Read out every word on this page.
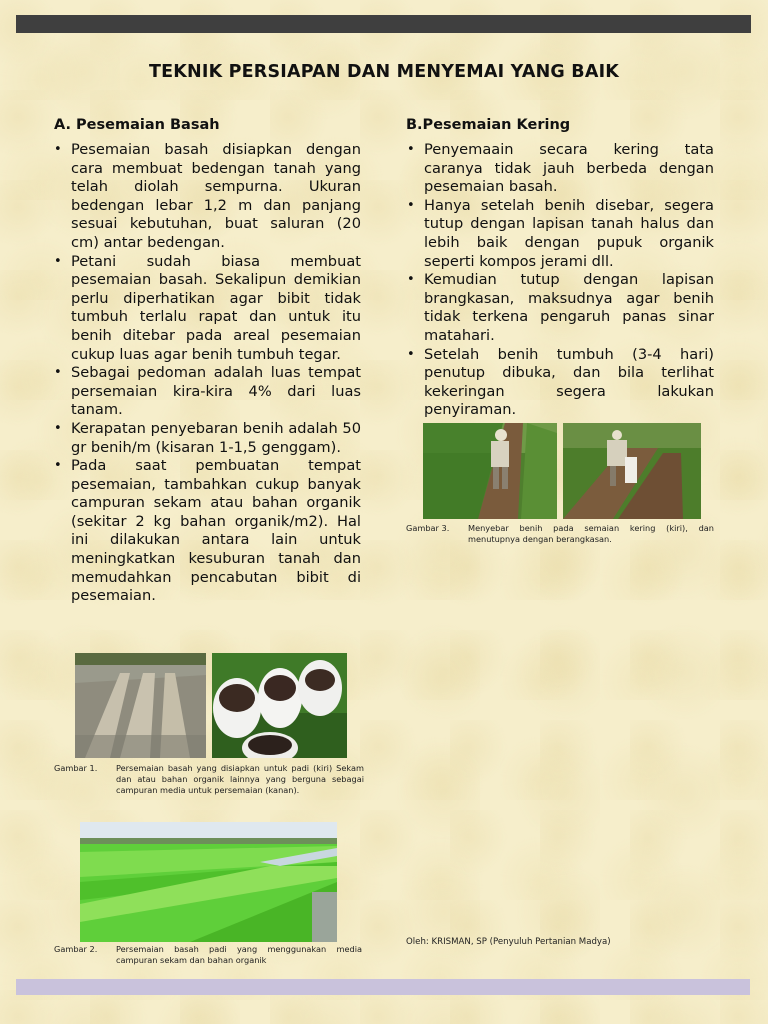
TEKNIK PERSIAPAN DAN MENYEMAI YANG BAIK
A. Pesemaian Basah
• Pesemaian basah disiapkan dengan cara membuat bedengan tanah yang telah diolah sempurna. Ukuran bedengan lebar 1,2 m dan panjang sesuai kebutuhan, buat saluran (20 cm) antar bedengan.
• Petani sudah biasa membuat pesemaian basah. Sekalipun demikian perlu diperhatikan agar bibit tidak tumbuh terlalu rapat dan untuk itu benih ditebar pada areal pesemaian cukup luas agar benih tumbuh tegar.
• Sebagai pedoman adalah luas tempat persemaian kira-kira 4% dari luas tanam.
• Kerapatan penyebaran benih adalah 50 gr benih/m (kisaran 1-1,5 genggam).
• Pada saat pembuatan tempat pesemaian, tambahkan cukup banyak campuran sekam atau bahan organik (sekitar 2 kg bahan organik/m2). Hal ini dilakukan antara lain untuk meningkatkan kesuburan tanah dan memudahkan pencabutan bibit di pesemaian.
B.Pesemaian Kering
• Penyemaain secara kering tata caranya tidak jauh berbeda dengan pesemaian basah.
• Hanya setelah benih disebar, segera tutup dengan lapisan tanah halus dan lebih baik dengan pupuk organik seperti kompos jerami dll.
• Kemudian tutup dengan lapisan brangkasan, maksudnya agar benih tidak terkena pengaruh panas sinar matahari.
• Setelah benih tumbuh (3-4 hari) penutup dibuka, dan bila terlihat kekeringan segera lakukan penyiraman.
Gambar 3. Menyebar benih pada semaian kering (kiri), dan menutupnya dengan berangkasan.
Gambar 1. Persemaian basah yang disiapkan untuk padi (kiri) Sekam dan atau bahan organik lainnya yang berguna sebagai campuran media untuk persemaian (kanan).
Gambar 2. Persemaian basah padi yang menggunakan media campuran sekam dan bahan organik
Oleh: KRISMAN, SP (Penyuluh Pertanian Madya)
